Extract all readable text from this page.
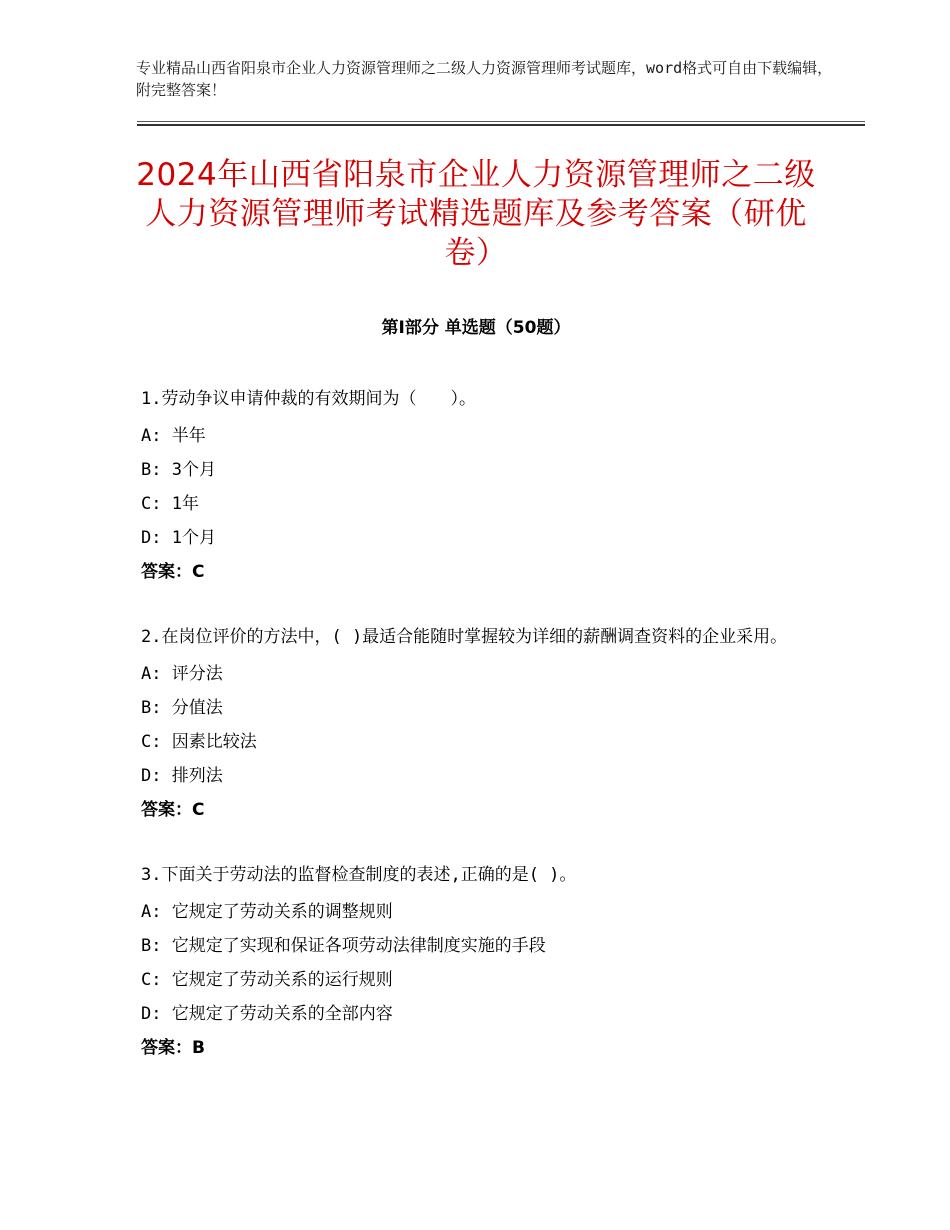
专业精品山西省阳泉市企业人力资源管理师之二级人力资源管理师考试题库，word格式可自由下载编辑，附完整答案！
2024年山西省阳泉市企业人力资源管理师之二级人力资源管理师考试精选题库及参考答案（研优卷）
第Ⅰ部分 单选题（50题）
1.劳动争议申请仲裁的有效期间为（　　）。
A: 半年
B: 3个月
C: 1年
D: 1个月
答案：C
2.在岗位评价的方法中，( )最适合能随时掌握较为详细的薪酬调查资料的企业采用。
A: 评分法
B: 分值法
C: 因素比较法
D: 排列法
答案：C
3.下面关于劳动法的监督检查制度的表述,正确的是( )。
A: 它规定了劳动关系的调整规则
B: 它规定了实现和保证各项劳动法律制度实施的手段
C: 它规定了劳动关系的运行规则
D: 它规定了劳动关系的全部内容
答案：B
